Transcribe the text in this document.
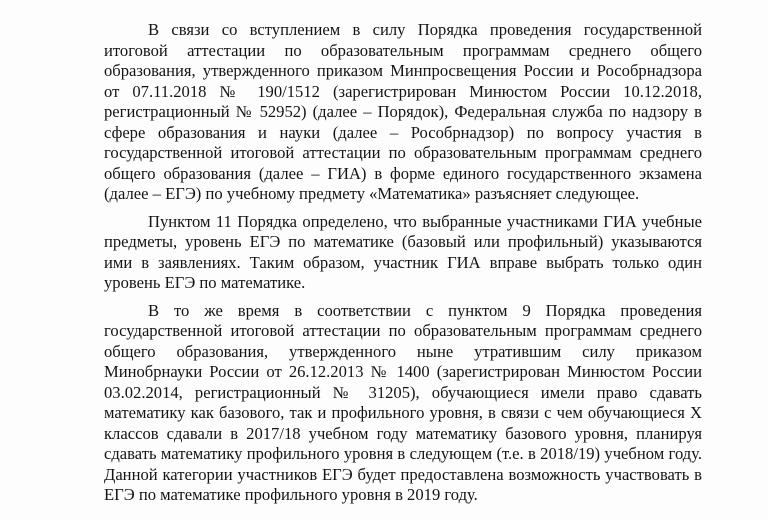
В связи со вступлением в силу Порядка проведения государственной итоговой аттестации по образовательным программам среднего общего образования, утвержденного приказом Минпросвещения России и Рособрнадзора от 07.11.2018 № 190/1512 (зарегистрирован Минюстом России 10.12.2018, регистрационный № 52952) (далее – Порядок), Федеральная служба по надзору в сфере образования и науки (далее – Рособрнадзор) по вопросу участия в государственной итоговой аттестации по образовательным программам среднего общего образования (далее – ГИА) в форме единого государственного экзамена (далее – ЕГЭ) по учебному предмету «Математика» разъясняет следующее.

Пунктом 11 Порядка определено, что выбранные участниками ГИА учебные предметы, уровень ЕГЭ по математике (базовый или профильный) указываются ими в заявлениях. Таким образом, участник ГИА вправе выбрать только один уровень ЕГЭ по математике.

В то же время в соответствии с пунктом 9 Порядка проведения государственной итоговой аттестации по образовательным программам среднего общего образования, утвержденного ныне утратившим силу приказом Минобрнауки России от 26.12.2013 № 1400 (зарегистрирован Минюстом России 03.02.2014, регистрационный № 31205), обучающиеся имели право сдавать математику как базового, так и профильного уровня, в связи с чем обучающиеся X классов сдавали в 2017/18 учебном году математику базового уровня, планируя сдавать математику профильного уровня в следующем (т.е. в 2018/19) учебном году. Данной категории участников ЕГЭ будет предоставлена возможность участвовать в ЕГЭ по математике профильного уровня в 2019 году.
